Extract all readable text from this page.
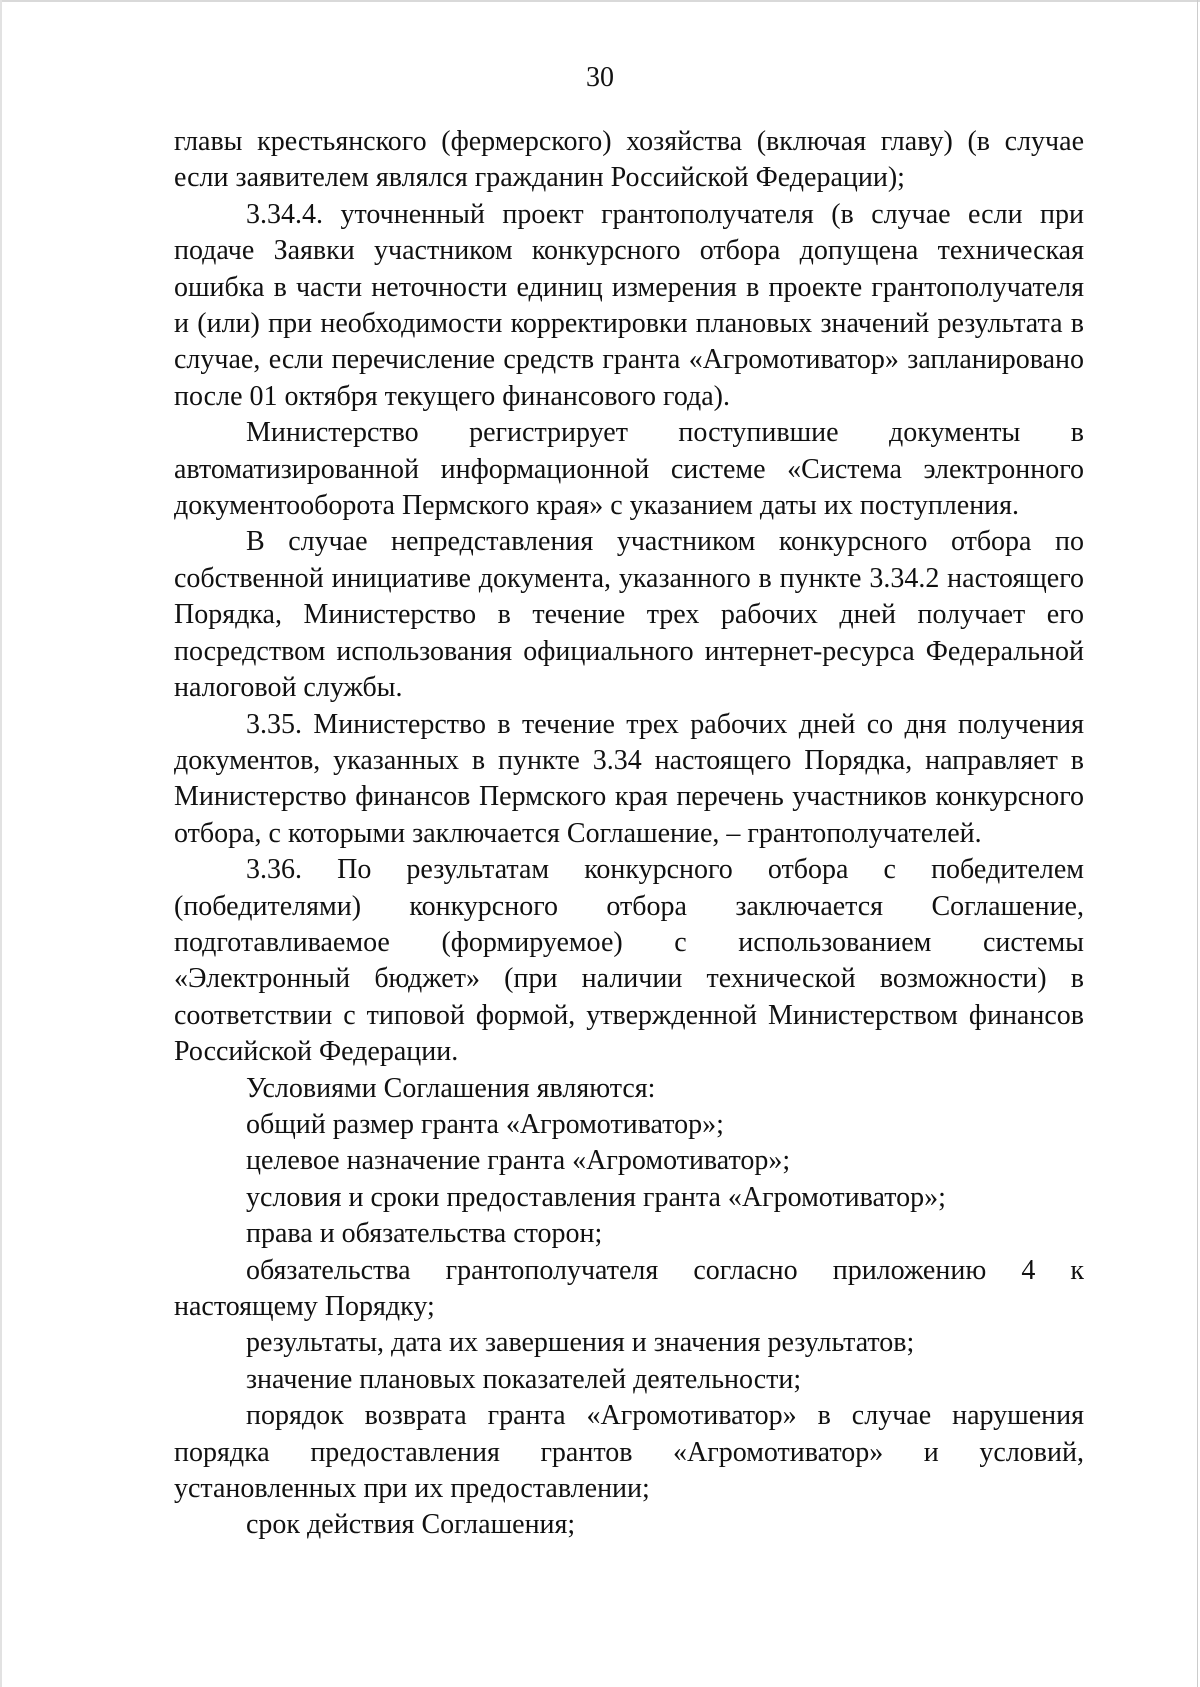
30

главы крестьянского (фермерского) хозяйства (включая главу) (в случае если заявителем являлся гражданин Российской Федерации);

3.34.4. уточненный проект грантополучателя (в случае если при подаче Заявки участником конкурсного отбора допущена техническая ошибка в части неточности единиц измерения в проекте грантополучателя и (или) при необходимости корректировки плановых значений результата в случае, если перечисление средств гранта «Агромотиватор» запланировано после 01 октября текущего финансового года).

Министерство регистрирует поступившие документы в автоматизированной информационной системе «Система электронного документооборота Пермского края» с указанием даты их поступления.

В случае непредставления участником конкурсного отбора по собственной инициативе документа, указанного в пункте 3.34.2 настоящего Порядка, Министерство в течение трех рабочих дней получает его посредством использования официального интернет-ресурса Федеральной налоговой службы.

3.35. Министерство в течение трех рабочих дней со дня получения документов, указанных в пункте 3.34 настоящего Порядка, направляет в Министерство финансов Пермского края перечень участников конкурсного отбора, с которыми заключается Соглашение, – грантополучателей.

3.36. По результатам конкурсного отбора с победителем (победителями) конкурсного отбора заключается Соглашение, подготавливаемое (формируемое) с использованием системы «Электронный бюджет» (при наличии технической возможности) в соответствии с типовой формой, утвержденной Министерством финансов Российской Федерации.

Условиями Соглашения являются:

общий размер гранта «Агромотиватор»;

целевое назначение гранта «Агромотиватор»;

условия и сроки предоставления гранта «Агромотиватор»;

права и обязательства сторон;

обязательства грантополучателя согласно приложению 4 к настоящему Порядку;

результаты, дата их завершения и значения результатов;

значение плановых показателей деятельности;

порядок возврата гранта «Агромотиватор» в случае нарушения порядка предоставления грантов «Агромотиватор» и условий, установленных при их предоставлении;

срок действия Соглашения;
